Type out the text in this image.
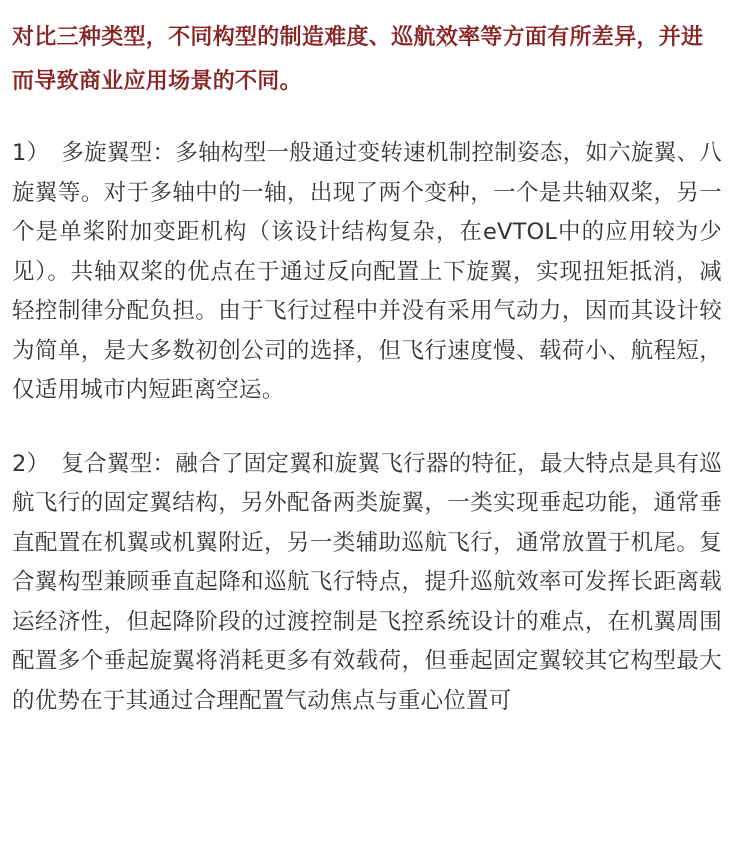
对比三种类型，不同构型的制造难度、巡航效率等方面有所差异，并进而导致商业应用场景的不同。

1） 多旋翼型：多轴构型一般通过变转速机制控制姿态，如六旋翼、八旋翼等。对于多轴中的一轴，出现了两个变种，一个是共轴双桨，另一个是单桨附加变距机构（该设计结构复杂，在eVTOL中的应用较为少见）。共轴双桨的优点在于通过反向配置上下旋翼，实现扭矩抵消，减轻控制律分配负担。由于飞行过程中并没有采用气动力，因而其设计较为简单，是大多数初创公司的选择，但飞行速度慢、载荷小、航程短，仅适用城市内短距离空运。

2） 复合翼型：融合了固定翼和旋翼飞行器的特征，最大特点是具有巡航飞行的固定翼结构，另外配备两类旋翼，一类实现垂起功能，通常垂直配置在机翼或机翼附近，另一类辅助巡航飞行，通常放置于机尾。复合翼构型兼顾垂直起降和巡航飞行特点，提升巡航效率可发挥长距离载运经济性，但起降阶段的过渡控制是飞控系统设计的难点，在机翼周围配置多个垂起旋翼将消耗更多有效载荷，但垂起固定翼较其它构型最大的优势在于其通过合理配置气动焦点与重心位置可
